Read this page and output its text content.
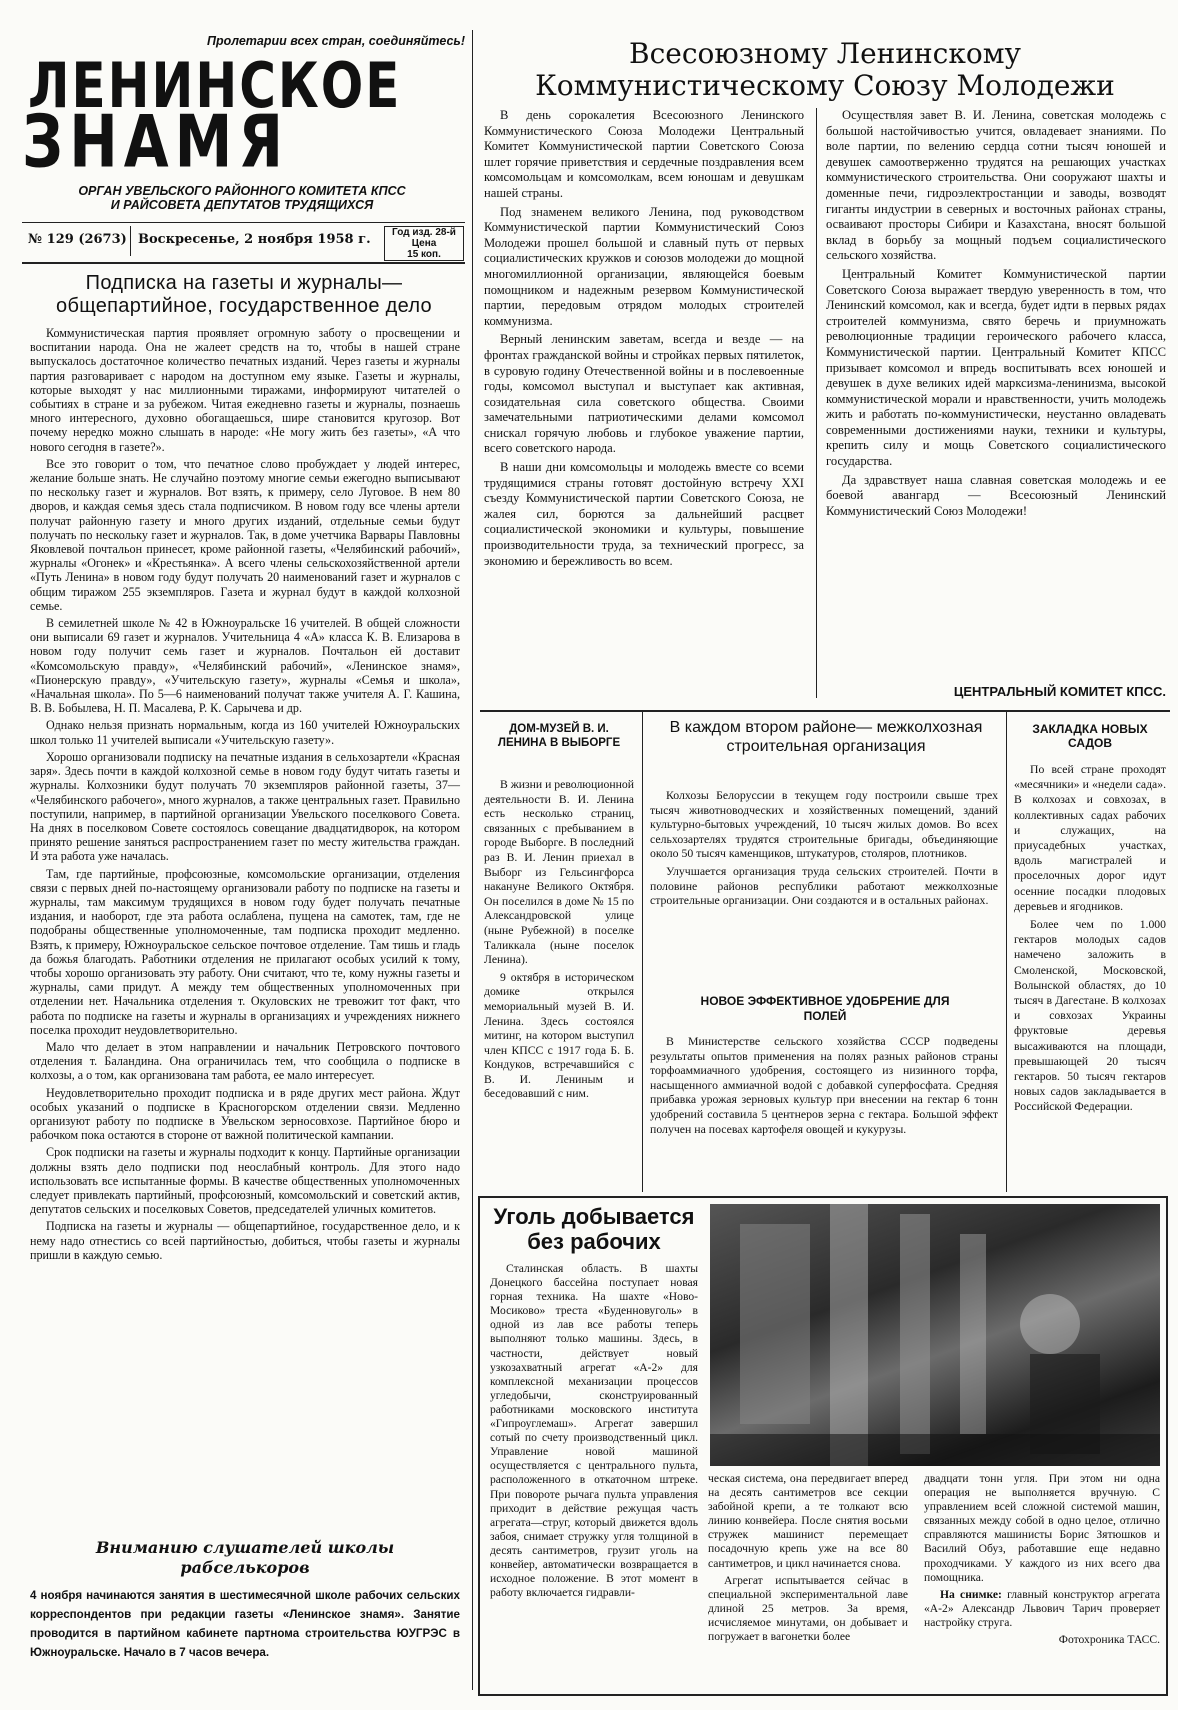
Пролетарии всех стран, соединяйтесь!
ЛЕНИНСКОЕ
ЗНАМЯ
ОРГАН УВЕЛЬСКОГО РАЙОННОГО КОМИТЕТА КПСС
И РАЙСОВЕТА ДЕПУТАТОВ ТРУДЯЩИХСЯ
№ 129 (2673) Воскресенье, 2 ноября 1958 г.	Год изд. 28-й
Цена
15 коп.
Подписка на газеты и журналы—
общепартийное, государственное дело

Коммунистическая партия проявляет огромную заботу о просвещении и воспитании народа. Она не жалеет средств на то, чтобы в нашей стране выпускалось достаточное количество печатных изданий. Через газеты и журналы партия разговаривает с народом на доступном ему языке. Газеты и журналы, которые выходят у нас миллионными тиражами, информируют читателей о событиях в стране и за рубежом. Читая ежедневно газеты и журналы, познаешь много интересного, духовно обогащаешься, шире становится кругозор. Вот почему нередко можно слышать в народе: «Не могу жить без газеты», «А что нового сегодня в газете?».

Все это говорит о том, что печатное слово пробуждает у людей интерес, желание больше знать. Не случайно поэтому многие семьи ежегодно выписывают по нескольку газет и журналов. Вот взять, к примеру, село Луговое. В нем 80 дворов, и каждая семья здесь стала подписчиком. В новом году все члены артели получат районную газету и много других изданий, отдельные семьи будут получать по нескольку газет и журналов. Так, в доме учетчика Варвары Павловны Яковлевой почтальон принесет, кроме районной газеты, «Челябинский рабочий», журналы «Огонек» и «Крестьянка». А всего члены сельскохозяйственной артели «Путь Ленина» в новом году будут получать 20 наименований газет и журналов с общим тиражом 255 экземпляров. Газета и журнал будут в каждой колхозной семье.

В семилетней школе № 42 в Южноуральске 16 учителей. В общей сложности они выписали 69 газет и журналов. Учительница 4 «А» класса К. В. Елизарова в новом году получит семь газет и журналов. Почтальон ей доставит «Комсомольскую правду», «Челябинский рабочий», «Ленинское знамя», «Пионерскую правду», «Учительскую газету», журналы «Семья и школа», «Начальная школа». По 5—6 наименований получат также учителя А. Г. Кашина, В. В. Бобылева, Н. П. Масалева, Р. К. Сарычева и др.

Однако нельзя признать нормальным, когда из 160 учителей Южноуральских школ только 11 учителей выписали «Учительскую газету».

Хорошо организовали подписку на печатные издания в сельхозартели «Красная заря». Здесь почти в каждой колхозной семье в новом году будут читать газеты и журналы. Колхозники будут получать 70 экземпляров районной газеты, 37— «Челябинского рабочего», много журналов, а также центральных газет. Правильно поступили, например, в партийной организации Увельского поселкового Совета. На днях в поселковом Совете состоялось совещание двадцатидворок, на котором принято решение заняться распространением газет по месту жительства граждан. И эта работа уже началась.

Там, где партийные, профсоюзные, комсомольские организации, отделения связи с первых дней по-настоящему организовали работу по подписке на газеты и журналы, там максимум трудящихся в новом году будет получать печатные издания, и наоборот, где эта работа ослаблена, пущена на самотек, там, где не подобраны общественные уполномоченные, там подписка проходит медленно. Взять, к примеру, Южноуральское сельское почтовое отделение. Там тишь и гладь да божья благодать. Работники отделения не прилагают особых усилий к тому, чтобы хорошо организовать эту работу. Они считают, что те, кому нужны газеты и журналы, сами придут. А между тем общественных уполномоченных при отделении нет. Начальника отделения т. Окуловских не тревожит тот факт, что работа по подписке на газеты и журналы в организациях и учреждениях нижнего поселка проходит неудовлетворительно.

Мало что делает в этом направлении и начальник Петровского почтового отделения т. Баландина. Она ограничилась тем, что сообщила о подписке в колхозы, а о том, как организована там работа, ее мало интересует.

Неудовлетворительно проходит подписка и в ряде других мест района. Ждут особых указаний о подписке в Красногорском отделении связи. Медленно организуют работу по подписке в Увельском зерносовхозе. Партийное бюро и рабочком пока остаются в стороне от важной политической кампании.

Срок подписки на газеты и журналы подходит к концу. Партийные организации должны взять дело подписки под неослабный контроль. Для этого надо использовать все испытанные формы. В качестве общественных уполномоченных следует привлекать партийный, профсоюзный, комсомольский и советский актив, депутатов сельских и поселковых Советов, председателей уличных комитетов.

Подписка на газеты и журналы — общепартийное, государственное дело, и к нему надо отнестись со всей партийностью, добиться, чтобы газеты и журналы пришли в каждую семью.

Вниманию слушателей школы
рабселькоров
4 ноября начинаются занятия в шестимесячной школе рабочих сельских корреспондентов при редакции газеты «Ленинское знамя». Занятие проводится в партийном кабинете партнома строительства ЮУГРЭС в Южноуральске. Начало в 7 часов вечера.
Всесоюзному Ленинскому
Коммунистическому Союзу Молодежи

В день сорокалетия Всесоюзного Ленинского Коммунистического Союза Молодежи Центральный Комитет Коммунистической партии Советского Союза шлет горячие приветствия и сердечные поздравления всем комсомольцам и комсомолкам, всем юношам и девушкам нашей страны.

Под знаменем великого Ленина, под руководством Коммунистической партии Коммунистический Союз Молодежи прошел большой и славный путь от первых социалистических кружков и союзов молодежи до мощной многомиллионной организации, являющейся боевым помощником и надежным резервом Коммунистической партии, передовым отрядом молодых строителей коммунизма.

Верный ленинским заветам, всегда и везде — на фронтах гражданской войны и стройках первых пятилеток, в суровую годину Отечественной войны и в послевоенные годы, комсомол выступал и выступает как активная, созидательная сила советского общества. Своими замечательными патриотическими делами комсомол снискал горячую любовь и глубокое уважение партии, всего советского народа.

В наши дни комсомольцы и молодежь вместе со всеми трудящимися страны готовят достойную встречу XXI съезду Коммунистической партии Советского Союза, не жалея сил, борются за дальнейший расцвет социалистической экономики и культуры, повышение производительности труда, за технический прогресс, за экономию и бережливость во всем.

Осуществляя завет В. И. Ленина, советская молодежь с большой настойчивостью учится, овладевает знаниями. По воле партии, по велению сердца сотни тысяч юношей и девушек самоотверженно трудятся на решающих участках коммунистического строительства. Они сооружают шахты и доменные печи, гидроэлектростанции и заводы, возводят гиганты индустрии в северных и восточных районах страны, осваивают просторы Сибири и Казахстана, вносят большой вклад в борьбу за мощный подъем социалистического сельского хозяйства.

Центральный Комитет Коммунистической партии Советского Союза выражает твердую уверенность в том, что Ленинский комсомол, как и всегда, будет идти в первых рядах строителей коммунизма, свято беречь и приумножать революционные традиции героического рабочего класса, Коммунистической партии. Центральный Комитет КПСС призывает комсомол и впредь воспитывать всех юношей и девушек в духе великих идей марксизма-ленинизма, высокой коммунистической морали и нравственности, учить молодежь жить и работать по-коммунистически, неустанно овладевать современными достижениями науки, техники и культуры, крепить силу и мощь Советского социалистического государства.

Да здравствует наша славная советская молодежь и ее боевой авангард — Всесоюзный Ленинский Коммунистический Союз Молодежи!

ЦЕНТРАЛЬНЫЙ КОМИТЕТ КПСС.
ДОМ-МУЗЕЙ В. И. ЛЕНИНА В ВЫБОРГЕ

В жизни и революционной деятельности В. И. Ленина есть несколько страниц, связанных с пребыванием в городе Выборге. В последний раз В. И. Ленин приехал в Выборг из Гельсингфорса накануне Великого Октября. Он поселился в доме № 15 по Александровской улице (ныне Рубежной) в поселке Таликкала (ныне поселок Ленина).

9 октября в историческом домике открылся мемориальный музей В. И. Ленина. Здесь состоялся митинг, на котором выступил член КПСС с 1917 года Б. Б. Кондуков, встречавшийся с В. И. Лениным и беседовавший с ним.

В каждом втором районе— межколхозная строительная организация

Колхозы Белоруссии в текущем году построили свыше трех тысяч животноводческих и хозяйственных помещений, зданий культурно-бытовых учреждений, 10 тысяч жилых домов. Во всех сельхозартелях трудятся строительные бригады, объединяющие около 50 тысяч каменщиков, штукатуров, столяров, плотников.

Улучшается организация труда сельских строителей. Почти в половине районов республики работают межколхозные строительные организации. Они создаются и в остальных районах.

НОВОЕ ЭФФЕКТИВНОЕ УДОБРЕНИЕ ДЛЯ ПОЛЕЙ

В Министерстве сельского хозяйства СССР подведены результаты опытов применения на полях разных районов страны торфоаммиачного удобрения, состоящего из низинного торфа, насыщенного аммиачной водой с добавкой суперфосфата. Средняя прибавка урожая зерновых культур при внесении на гектар 6 тонн удобрений составила 5 центнеров зерна с гектара. Большой эффект получен на посевах картофеля овощей и кукурузы.

ЗАКЛАДКА НОВЫХ САДОВ

По всей стране проходят «месячники» и «недели сада». В колхозах и совхозах, в коллективных садах рабочих и служащих, на приусадебных участках, вдоль магистралей и проселочных дорог идут осенние посадки плодовых деревьев и ягодников.

Более чем по 1.000 гектаров молодых садов намечено заложить в Смоленской, Московской, Волынской областях, до 10 тысяч в Дагестане. В колхозах и совхозах Украины фруктовые деревья высаживаются на площади, превышающей 20 тысяч гектаров. 50 тысяч гектаров новых садов закладывается в Российской Федерации.

Уголь добывается
без рабочих

Сталинская область. В шахты Донецкого бассейна поступает новая горная техника. На шахте «Ново-Мосиково» треста «Буденновуголь» в одной из лав все работы теперь выполняют только машины. Здесь, в частности, действует новый узкозахватный агрегат «А-2» для комплексной механизации процессов угледобычи, сконструированный работниками московского института «Гипроуглемаш». Агрегат завершил сотый по счету производственный цикл. Управление новой машиной осуществляется с центрального пульта, расположенного в откаточном штреке. При повороте рычага пульта управления приходит в действие режущая часть агрегата—струг, который движется вдоль забоя, снимает стружку угля толщиной в десять сантиметров, грузит уголь на конвейер, автоматически возвращается в исходное положение. В этот момент в работу включается гидравли-

ческая система, она передвигает вперед на десять сантиметров все секции забойной крепи, а те толкают всю линию конвейера. После снятия восьми стружек машинист перемещает посадочную крепь уже на все 80 сантиметров, и цикл начинается снова.

Агрегат испытывается сейчас в специальной экспериментальной лаве длиной 25 метров. За время, исчисляемое минутами, он добывает и погружает в вагонетки более

двадцати тонн угля. При этом ни одна операция не выполняется вручную. С управлением всей сложной системой машин, связанных между собой в одно целое, отлично справляются машинисты Борис Зятюшков и Василий Обуз, работавшие еще недавно проходчиками. У каждого из них всего два помощника.

На снимке: главный конструктор агрегата «А-2» Александр Львович Тарич проверяет настройку струга.

Фотохроника ТАСС.
